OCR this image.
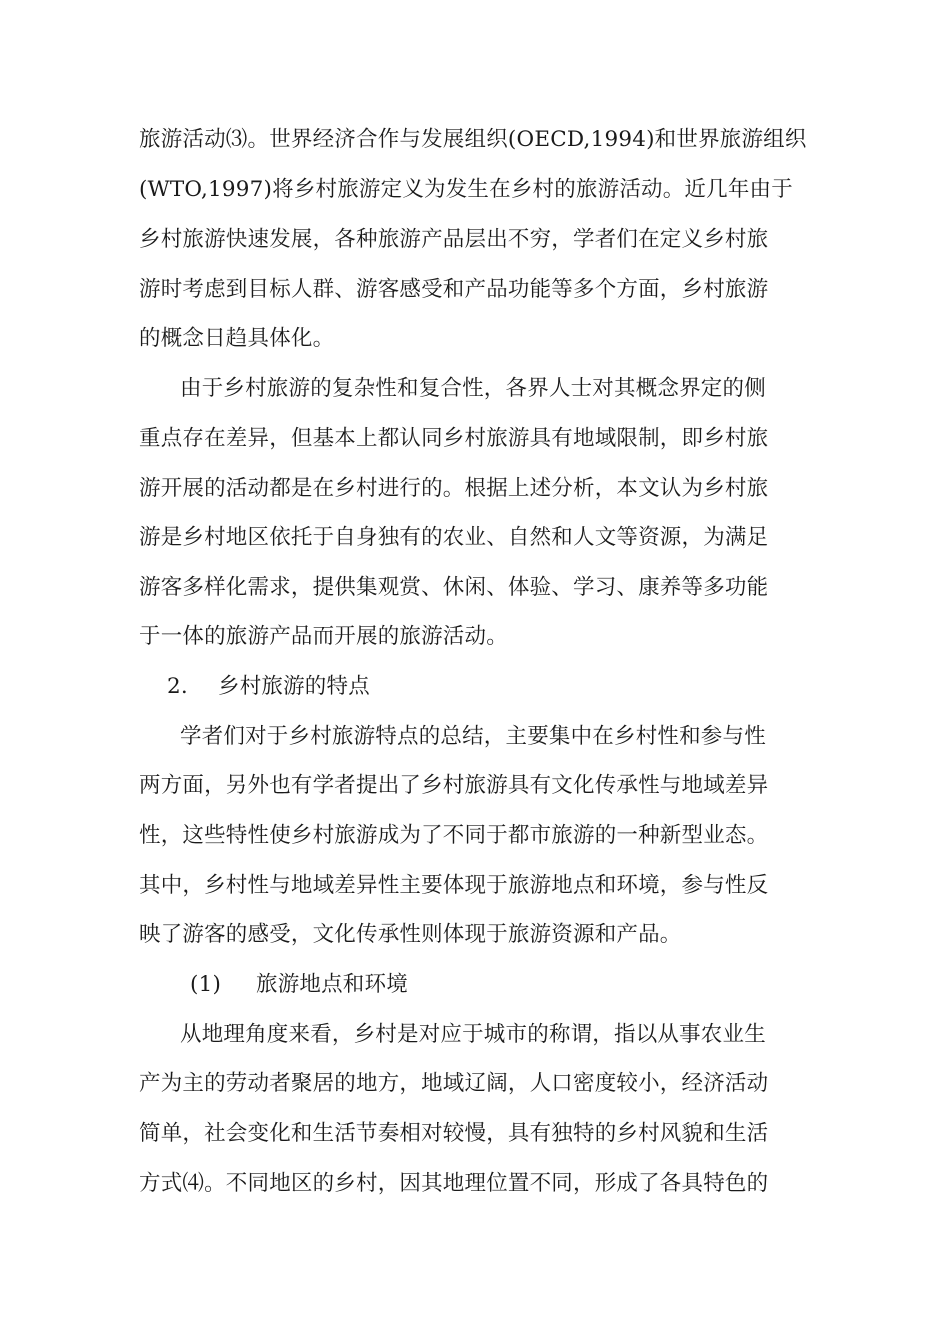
旅游活动⑶。世界经济合作与发展组织(OECD,1994)和世界旅游组织
(WTO,1997)将乡村旅游定义为发生在乡村的旅游活动。近几年由于
乡村旅游快速发展，各种旅游产品层出不穷，学者们在定义乡村旅
游时考虑到目标人群、游客感受和产品功能等多个方面，乡村旅游
的概念日趋具体化。
由于乡村旅游的复杂性和复合性，各界人士对其概念界定的侧
重点存在差异，但基本上都认同乡村旅游具有地域限制，即乡村旅
游开展的活动都是在乡村进行的。根据上述分析，本文认为乡村旅
游是乡村地区依托于自身独有的农业、自然和人文等资源，为满足
游客多样化需求，提供集观赏、休闲、体验、学习、康养等多功能
于一体的旅游产品而开展的旅游活动。
2. 乡村旅游的特点
学者们对于乡村旅游特点的总结，主要集中在乡村性和参与性
两方面，另外也有学者提出了乡村旅游具有文化传承性与地域差异
性，这些特性使乡村旅游成为了不同于都市旅游的一种新型业态。
其中，乡村性与地域差异性主要体现于旅游地点和环境，参与性反
映了游客的感受，文化传承性则体现于旅游资源和产品。
(1) 旅游地点和环境
从地理角度来看，乡村是对应于城市的称谓，指以从事农业生
产为主的劳动者聚居的地方，地域辽阔，人口密度较小，经济活动
简单，社会变化和生活节奏相对较慢，具有独特的乡村风貌和生活
方式⑷。不同地区的乡村，因其地理位置不同，形成了各具特色的
